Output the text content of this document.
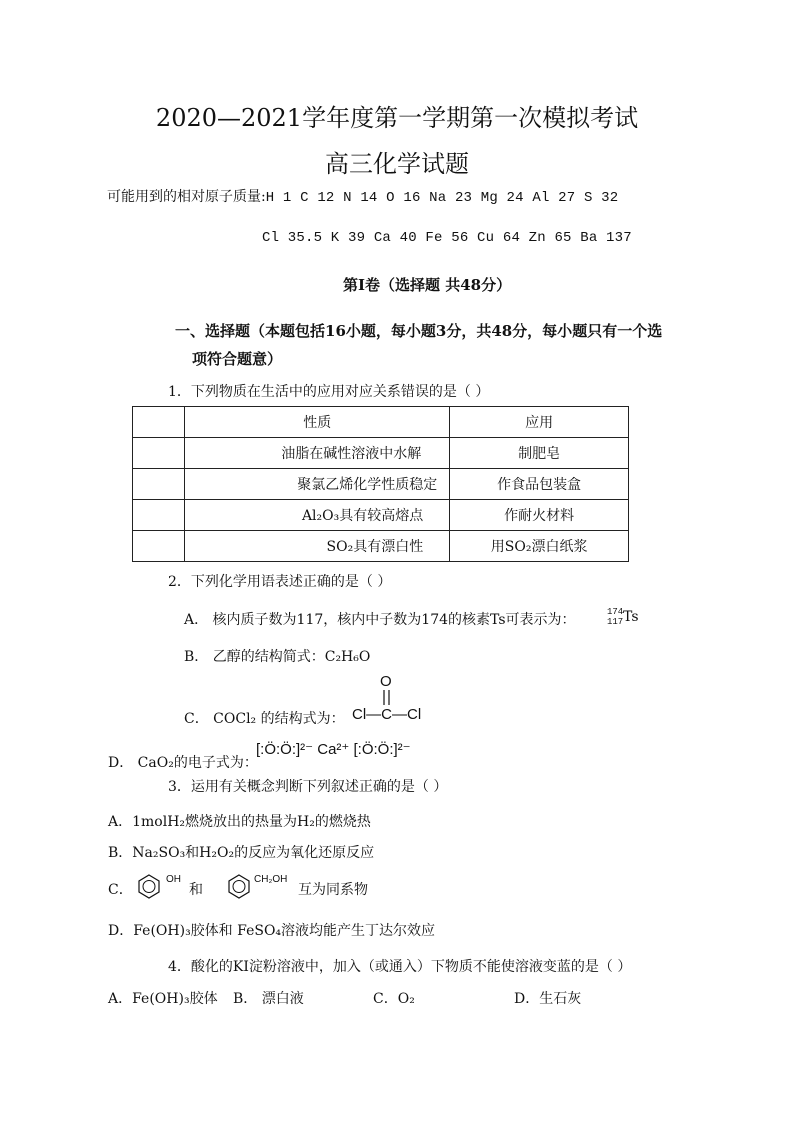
2020—2021学年度第一学期第一次模拟考试
高三化学试题
可能用到的相对原子质量:H 1 C 12 N 14 O 16 Na 23 Mg 24 Al 27 S 32
Cl 35.5 K 39 Ca 40 Fe 56 Cu 64 Zn 65 Ba 137
第Ⅰ卷（选择题 共48分）
一、选择题（本题包括16小题，每小题3分，共48分，每小题只有一个选
项符合题意）
1．下列物质在生活中的应用对应关系错误的是（ ）
	性质	应用
	油脂在碱性溶液中水解	制肥皂
	聚氯乙烯化学性质稳定	作食品包装盒
	Al₂O₃具有较高熔点	作耐火材料
	SO₂具有漂白性	用SO₂漂白纸浆
2．下列化学用语表述正确的是（ ）
A． 核内质子数为117，核内中子数为174的核素Ts可表示为：	174
117 Ts
B． 乙醇的结构简式：C₂H₆O
C． COCl₂ 的结构式为：
O
Cl—C—Cl
D． CaO₂的电子式为：
[:Ö:Ö:]²⁻ Ca²⁺ [:Ö:Ö:]²⁻
3．运用有关概念判断下列叙述正确的是（ ）
A．1molH₂燃烧放出的热量为H₂的燃烧热
B．Na₂SO₃和H₂O₂的反应为氧化还原反应
C．
OH
和
CH₂OH
互为同系物
D．Fe(OH)₃胶体和 FeSO₄溶液均能产生丁达尔效应
4．酸化的KI淀粉溶液中，加入（或通入）下物质不能使溶液变蓝的是（ ）
A．Fe(OH)₃胶体 B． 漂白液	C．O₂	D．生石灰
